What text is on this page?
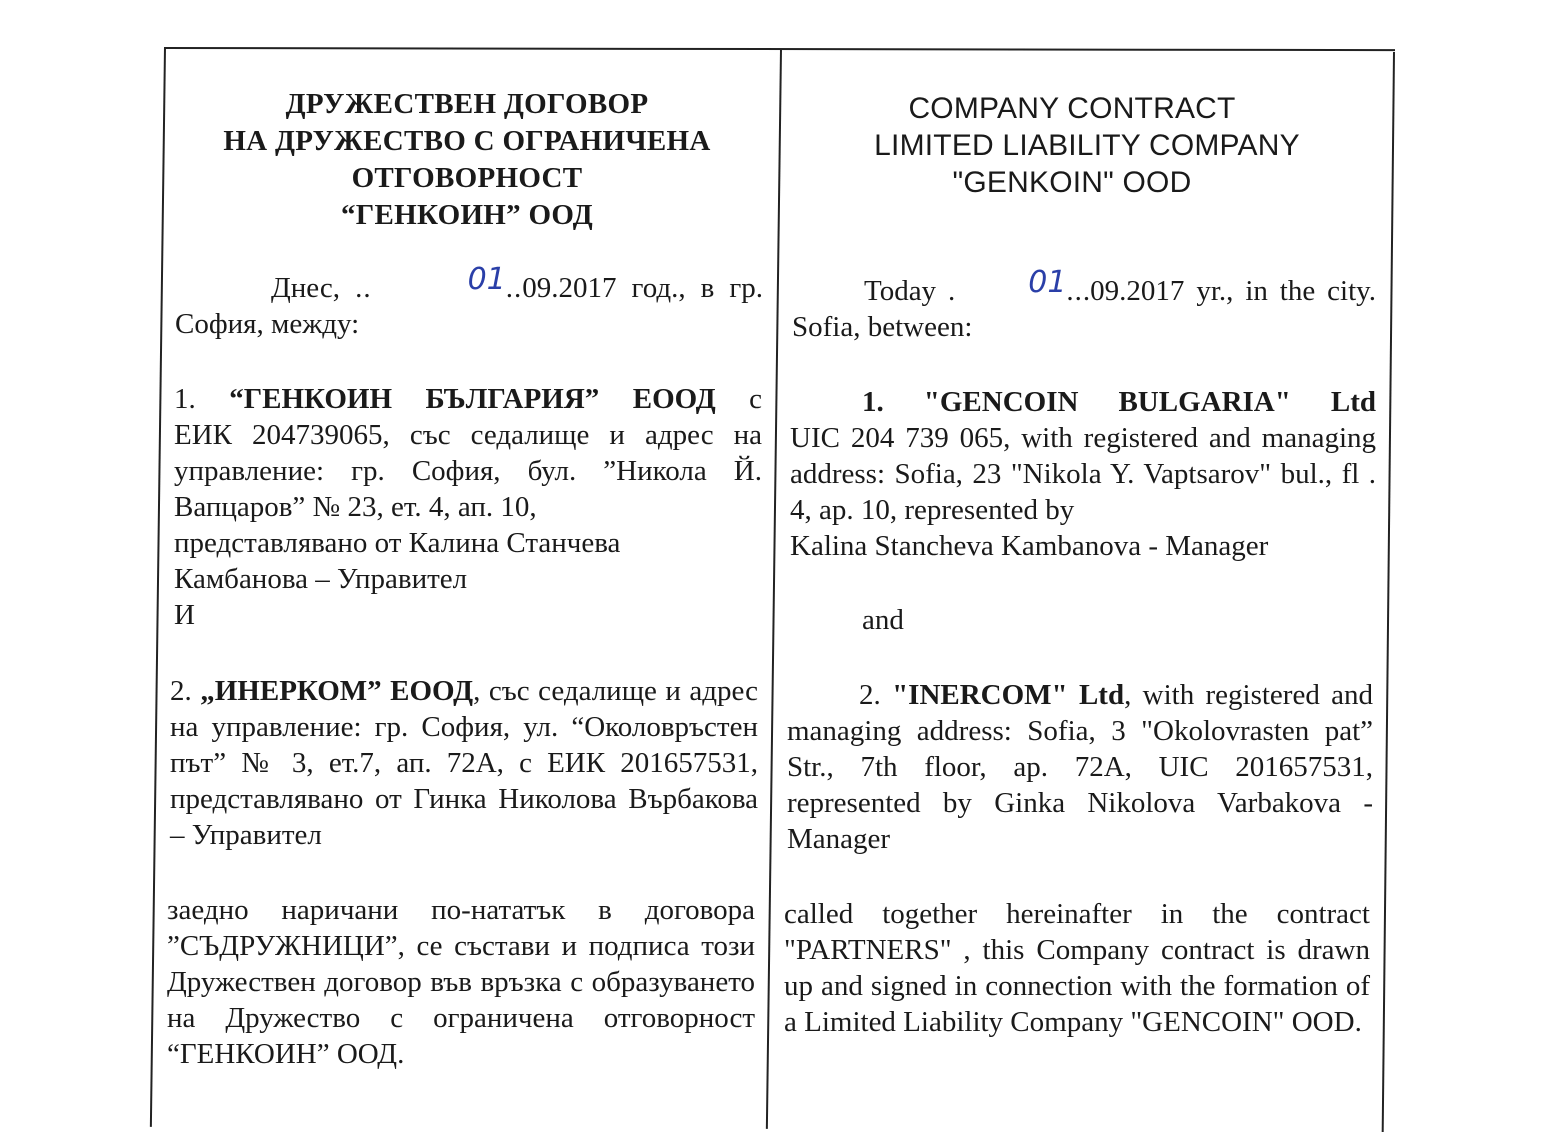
ДРУЖЕСТВЕН ДОГОВОР
НА ДРУЖЕСТВО С ОГРАНИЧЕНА
ОТГОВОРНОСТ
“ГЕНКОИН” ООД

Днес, ..	01..09.2017 год., в гр.

София, между:

1. “ГЕНКОИН БЪЛГАРИЯ” ЕООД с

ЕИК 204739065, със седалище и адрес на управление: гр. София, бул. ”Никола Й. Вапцаров” № 23, ет. 4, ап. 10,

представлявано от Калина Станчева

Камбанова – Управител

И

2. „ИНЕРКОМ” ЕООД, със седалище и адрес на управление: гр. София, ул. “Околовръстен път” № 3, ет.7, ап. 72А, с ЕИК 201657531, представлявано от Гинка Николова Върбакова – Управител

заедно наричани по-нататък в договора ”СЪДРУЖНИЦИ”, се състави и подписа този Дружествен договор във връзка с образуването на Дружество с ограничена отговорност “ГЕНКОИН” ООД.

COMPANY CONTRACT
LIMITED LIABILITY COMPANY
"GENKOIN" OOD

Today . 01...09.2017 yr., in the city.

Sofia, between:

1. "GENCOIN BULGARIA" Ltd

UIC 204 739 065, with registered and managing address: Sofia, 23 "Nikola Y. Vaptsarov" bul., fl . 4, ap. 10, represented by

Kalina Stancheva Kambanova - Manager

and

2. "INERCOM" Ltd, with registered and managing address: Sofia, 3 "Okolovrasten pat” Str., 7th floor, ap. 72A, UIC 201657531, represented by Ginka Nikolova Varbakova - Manager

called together hereinafter in the contract "PARTNERS" , this Company contract is drawn up and signed in connection with the formation of a Limited Liability Company "GENCOIN" OOD.
